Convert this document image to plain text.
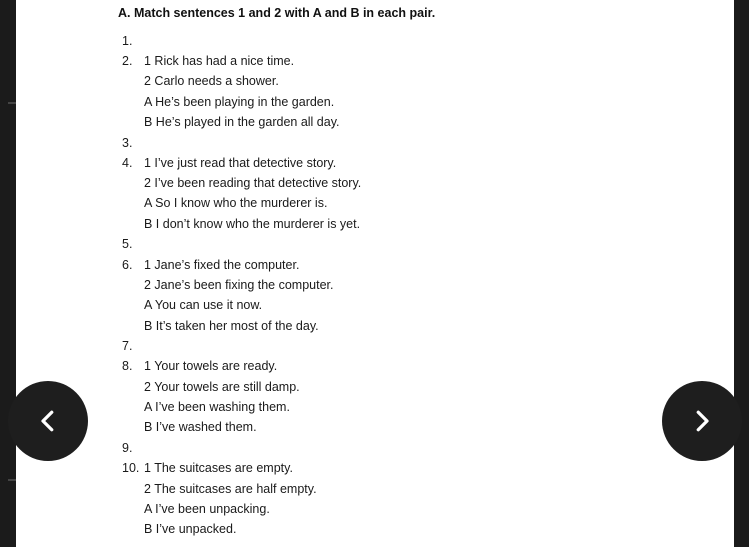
A. Match sentences 1 and 2 with A and B in each pair.
1.
2. 1 Rick has had a nice time.
2 Carlo needs a shower.
A He’s been playing in the garden.
B He’s played in the garden all day.
3.
4. 1 I’ve just read that detective story.
2 I’ve been reading that detective story.
A So I know who the murderer is.
B I don’t know who the murderer is yet.
5.
6. 1 Jane’s fixed the computer.
2 Jane’s been fixing the computer.
A You can use it now.
B It’s taken her most of the day.
7.
8. 1 Your towels are ready.
2 Your towels are still damp.
A I’ve been washing them.
B I’ve washed them.
9.
10. 1 The suitcases are empty.
2 The suitcases are half empty.
A I’ve been unpacking.
B I’ve unpacked.
